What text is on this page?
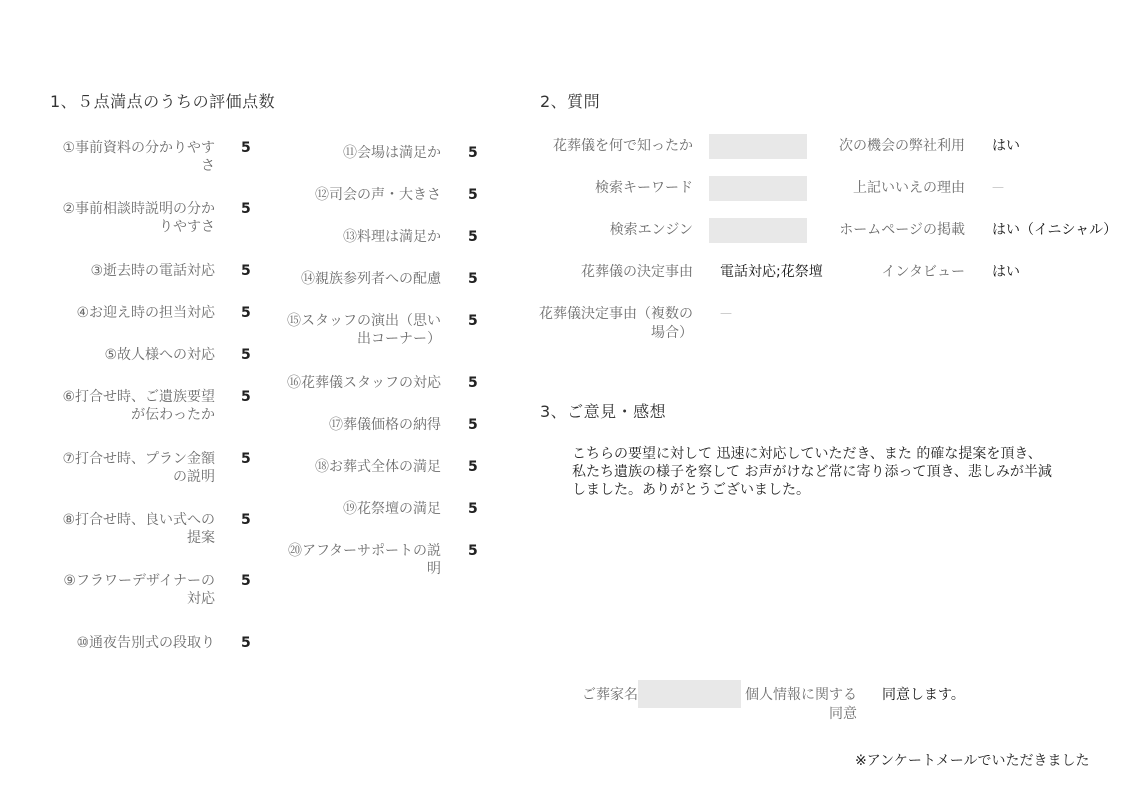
1、５点満点のうちの評価点数
①事前資料の分かりやすさ
5
②事前相談時説明の分かりやすさ
5
③逝去時の電話対応 5
④お迎え時の担当対応 5
⑤故人様への対応 5
⑥打合せ時、ご遺族要望が伝わったか
5
⑦打合せ時、プラン金額の説明
5
⑧打合せ時、良い式への提案
5
⑨フラワーデザイナーの対応
5
⑩通夜告別式の段取り 5
⑪会場は満足か 5
⑫司会の声・大きさ 5
⑬料理は満足か 5
⑭親族参列者への配慮 5
⑮スタッフの演出（思い出コーナー）
5
⑯花葬儀スタッフの対応 5
⑰葬儀価格の納得 5
⑱お葬式全体の満足 5
⑲花祭壇の満足 5
⑳アフターサポートの説明
5
2、質問
花葬儀を何で知ったか
検索キーワード
検索エンジン
花葬儀の決定事由 電話対応;花祭壇
花葬儀決定事由（複数の場合）
—
次の機会の弊社利用 はい
上記いいえの理由 —
ホームページの掲載 はい（イニシャル）
インタビュー はい
3、ご意見・感想
こちらの要望に対して 迅速に対応していただき、また 的確な提案を頂き、私たち遺族の様子を察して お声がけなど常に寄り添って頂き、悲しみが半減しました。ありがとうございました。
ご葬家名	個人情報に関する同意
同意します。
※アンケートメールでいただきました
